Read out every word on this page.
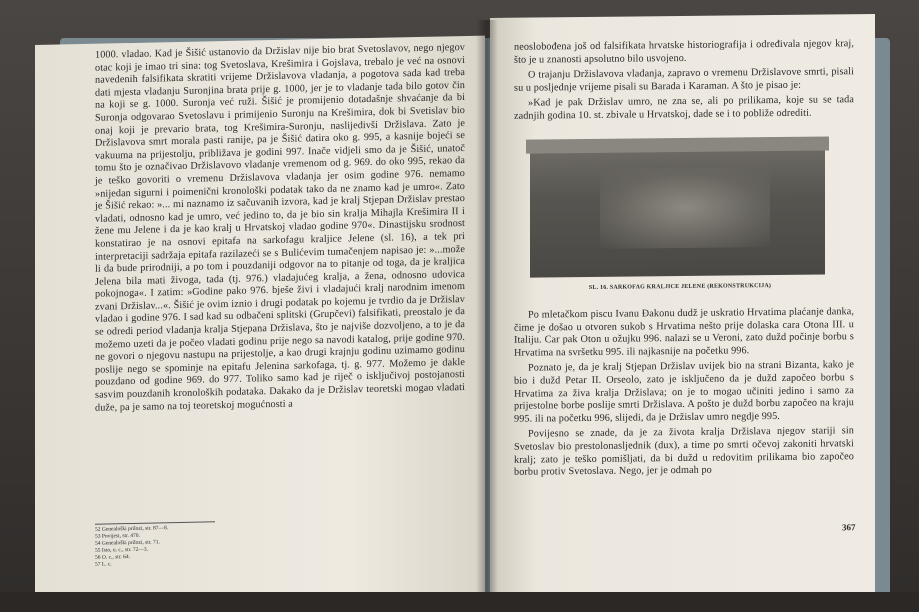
1000. vladao. Kad je Šišić ustanovio da Držislav nije bio brat Svetoslavov, nego njegov otac koji je imao tri sina: tog Svetoslava, Krešimira i Gojslava, trebalo je već na osnovi navedenih falsifikata skratiti vrijeme Držislavova vladanja, a pogotova sada kad treba dati mjesta vladanju Suronjina brata prije g. 1000, jer je to vladanje tada bilo gotov čin na koji se g. 1000. Suronja već ruži. Šišić je promijenio dotadašnje shvaćanje da bi Suronja odgovarao Svetoslavu i primijenio Suronju na Krešimira, dok bi Svetislav bio onaj koji je prevario brata, tog Krešimira-Suronju, naslijedivši Držislava. Zato je Držislavova smrt morala pasti ranije, pa je Šišić datira oko g. 995, a kasnije bojeći se vakuuma na prijestolju, približava je godini 997. Inače vidjeli smo da je Šišić, unatoč tomu što je označivao Držislavovo vladanje vremenom od g. 969. do oko 995, rekao da je teško govoriti o vremenu Držislavova vladanja jer osim godine 976. nemamo »nijedan sigurni i poimenični kronološki podatak tako da ne znamo kad je umro«. Zato je Šišić rekao: »... mi naznamo iz sačuvanih izvora, kad je kralj Stjepan Držislav prestao vladati, odnosno kad je umro, već jedino to, da je bio sin kralja Mihajla Krešimira II i žene mu Jelene i da je kao kralj u Hrvatskoj vladao godine 970«. Dinastijsku srodnost konstatirao je na osnovi epitafa na sarkofagu kraljice Jelene (sl. 16), a tek pri interpretaciji sadržaja epitafa razilazeći se s Bulićevim tumačenjem napisao je: »...može li da bude prirodniji, a po tom i pouzdaniji odgovor na to pitanje od toga, da je kraljica Jelena bila mati živoga, tada (tj. 976.) vladajućeg kralja, a žena, odnosno udovica pokojnoga«. I zatim: »Godine pako 976. bješe živi i vladajući kralj narodnim imenom zvani Držislav...«. Šišić je ovim iznio i drugi podatak po kojemu je tvrdio da je Držislav vladao i godine 976. I sad kad su odbačeni splitski (Grupčevi) falsifikati, preostalo je da se odredi period vladanja kralja Stjepana Držislava, što je najviše dozvoljeno, a to je da možemo uzeti da je počeo vladati godinu prije nego sa navodi katalog, prije godine 970. ne govori o njegovu nastupu na prijestolje, a kao drugi krajnju godinu uzimamo godinu poslije nego se spominje na epitafu Jelenina sarkofaga, tj. g. 977. Možemo je dakle pouzdano od godine 969. do 977. Toliko samo kad je riječ o isključivoj postojanosti sasvim pouzdanih kronoloških podataka. Dakako da je Držislav teoretski mogao vladati duže, pa je samo na toj teoretskoj mogućnosti a

52 Genealoški prilozi, str. 87—8.
53 Povijest, str. 470.
54 Genealoški prilozi, str. 71.
55 Isto, u. c., str. 72—3.
56 O. c., str. 64.
57 L. c.

neoslobođena još od falsifikata hrvatske historiografija i određivala njegov kraj, što je u znanosti apsolutno bilo usvojeno.

O trajanju Držislavova vladanja, zapravo o vremenu Držislavove smrti, pisali su u posljednje vrijeme pisali su Barada i Karaman. A što je pisao je:

»Kad je pak Držislav umro, ne zna se, ali po prilikama, koje su se tada zadnjih godina 10. st. zbivale u Hrvatskoj, dade se i to pobliže odrediti.

SL. 16. SARKOFAG KRALJICE JELENE (REKONSTRUKCIJA)

Po mletačkom piscu Ivanu Đakonu dudž je uskratio Hrvatima plaćanje danka, čime je došao u otvoren sukob s Hrvatima nešto prije dolaska cara Otona III. u Italiju. Car pak Oton u ožujku 996. nalazi se u Veroni, zato dužd počinje borbu s Hrvatima na svršetku 995. ili najkasnije na početku 996.

Poznato je, da je kralj Stjepan Držislav uvijek bio na strani Bizanta, kako je bio i dužd Petar II. Orseolo, zato je isključeno da je dužd započeo borbu s Hrvatima za živa kralja Držislava; on je to mogao učiniti jedino i samo za prijestolne borbe poslije smrti Držislava. A pošto je dužd borbu započeo na kraju 995. ili na početku 996, slijedi, da je Držislav umro negdje 995.

Povijesno se znade, da je za života kralja Držislava njegov stariji sin Svetoslav bio prestolonasljednik (dux), a time po smrti očevoj zakoniti hrvatski kralj; zato je teško pomišljati, da bi dužd u redovitim prilikama bio započeo borbu protiv Svetoslava. Nego, jer je odmah po

367
